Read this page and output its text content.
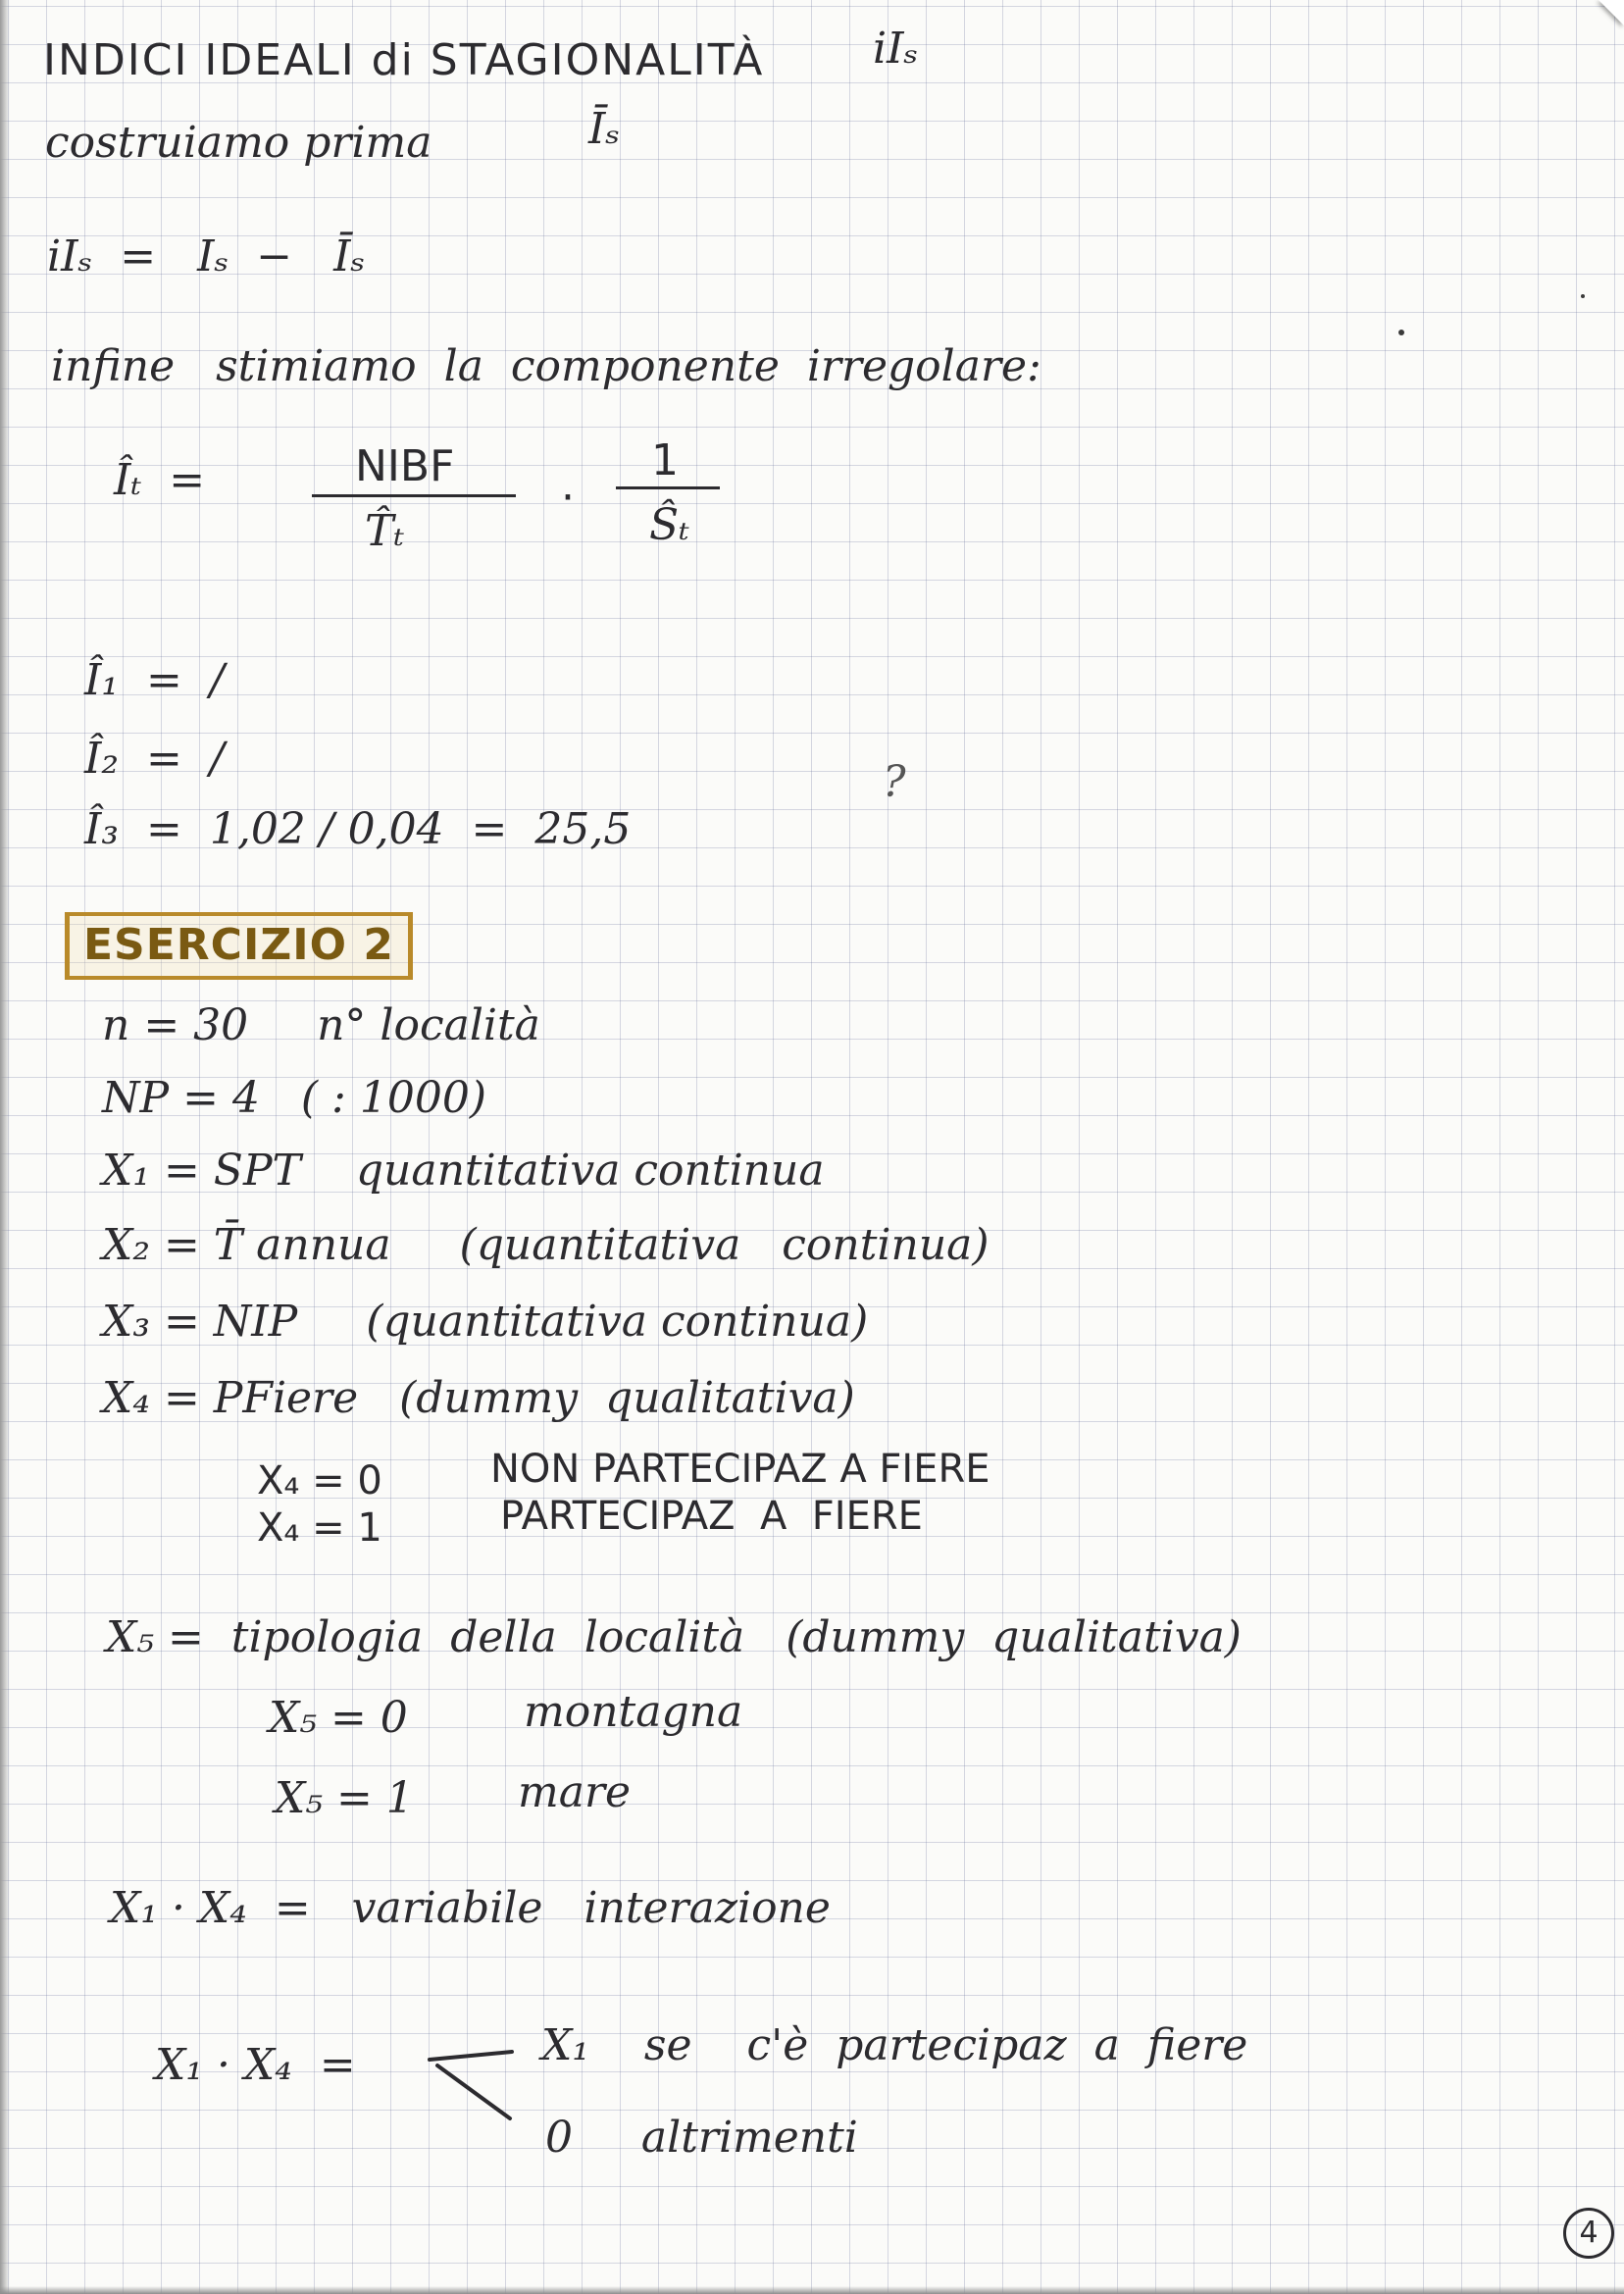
INDICI IDEALI di STAGIONALITÀ	iIₛ
costruiamo prima	Īₛ
iIₛ  =   Iₛ  −   Īₛ
infine   stimiamo  la  componente  irregolare:
Îₜ  =	NIBF
T̂ₜ
·
1
Ŝₜ
Î₁  =  /
Î₂  =  /
Î₃  =  1,02 / 0,04  =  25,5
?
ESERCIZIO 2
n = 30     n° località
NP = 4   ( : 1000)
X₁ = SPT    quantitativa continua
X₂ = T̄ annua     (quantitativa   continua)
X₃ = NIP     (quantitativa continua)
X₄ = PFiere   (dummy  qualitativa)
X₄ = 0	NON PARTECIPAZ A FIERE
X₄ = 1	PARTECIPAZ  A  FIERE
X₅ =  tipologia  della  località   (dummy  qualitativa)
X₅ = 0	montagna
X₅ = 1 mare
X₁ · X₄  =   variabile   interazione
X₁ · X₄  =	X₁    se    c'è  partecipaz  a  fiere
0     altrimenti
4
